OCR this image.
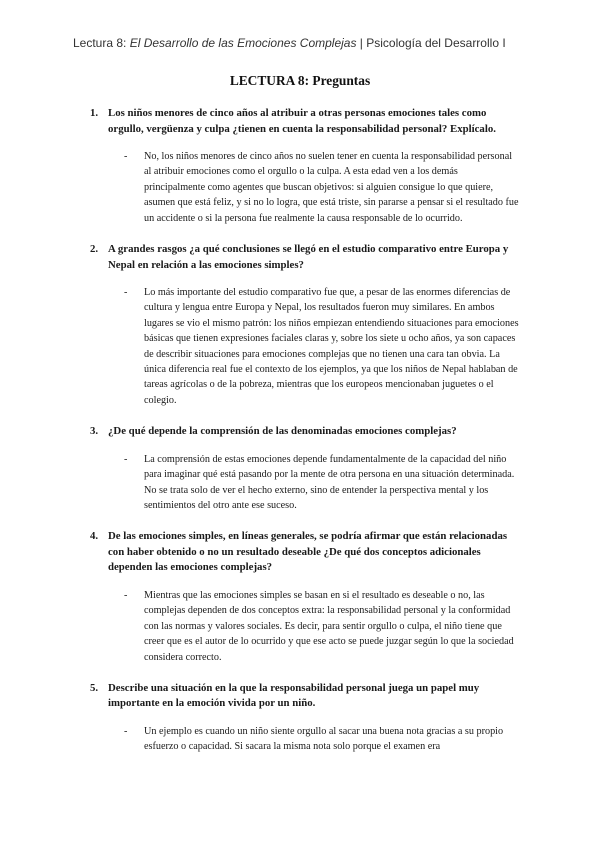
Lectura 8: El Desarrollo de las Emociones Complejas | Psicología del Desarrollo I
LECTURA 8: Preguntas
1. Los niños menores de cinco años al atribuir a otras personas emociones tales como orgullo, vergüenza y culpa ¿tienen en cuenta la responsabilidad personal? Explícalo.
- No, los niños menores de cinco años no suelen tener en cuenta la responsabilidad personal al atribuir emociones como el orgullo o la culpa. A esta edad ven a los demás principalmente como agentes que buscan objetivos: si alguien consigue lo que quiere, asumen que está feliz, y si no lo logra, que está triste, sin pararse a pensar si el resultado fue un accidente o si la persona fue realmente la causa responsable de lo ocurrido.
2. A grandes rasgos ¿a qué conclusiones se llegó en el estudio comparativo entre Europa y Nepal en relación a las emociones simples?
- Lo más importante del estudio comparativo fue que, a pesar de las enormes diferencias de cultura y lengua entre Europa y Nepal, los resultados fueron muy similares. En ambos lugares se vio el mismo patrón: los niños empiezan entendiendo situaciones para emociones básicas que tienen expresiones faciales claras y, sobre los siete u ocho años, ya son capaces de describir situaciones para emociones complejas que no tienen una cara tan obvia. La única diferencia real fue el contexto de los ejemplos, ya que los niños de Nepal hablaban de tareas agrícolas o de la pobreza, mientras que los europeos mencionaban juguetes o el colegio.
3. ¿De qué depende la comprensión de las denominadas emociones complejas?
- La comprensión de estas emociones depende fundamentalmente de la capacidad del niño para imaginar qué está pasando por la mente de otra persona en una situación determinada. No se trata solo de ver el hecho externo, sino de entender la perspectiva mental y los sentimientos del otro ante ese suceso.
4. De las emociones simples, en líneas generales, se podría afirmar que están relacionadas con haber obtenido o no un resultado deseable ¿De qué dos conceptos adicionales dependen las emociones complejas?
- Mientras que las emociones simples se basan en si el resultado es deseable o no, las complejas dependen de dos conceptos extra: la responsabilidad personal y la conformidad con las normas y valores sociales. Es decir, para sentir orgullo o culpa, el niño tiene que creer que es el autor de lo ocurrido y que ese acto se puede juzgar según lo que la sociedad considera correcto.
5. Describe una situación en la que la responsabilidad personal juega un papel muy importante en la emoción vivida por un niño.
- Un ejemplo es cuando un niño siente orgullo al sacar una buena nota gracias a su propio esfuerzo o capacidad. Si sacara la misma nota solo porque el examen era
